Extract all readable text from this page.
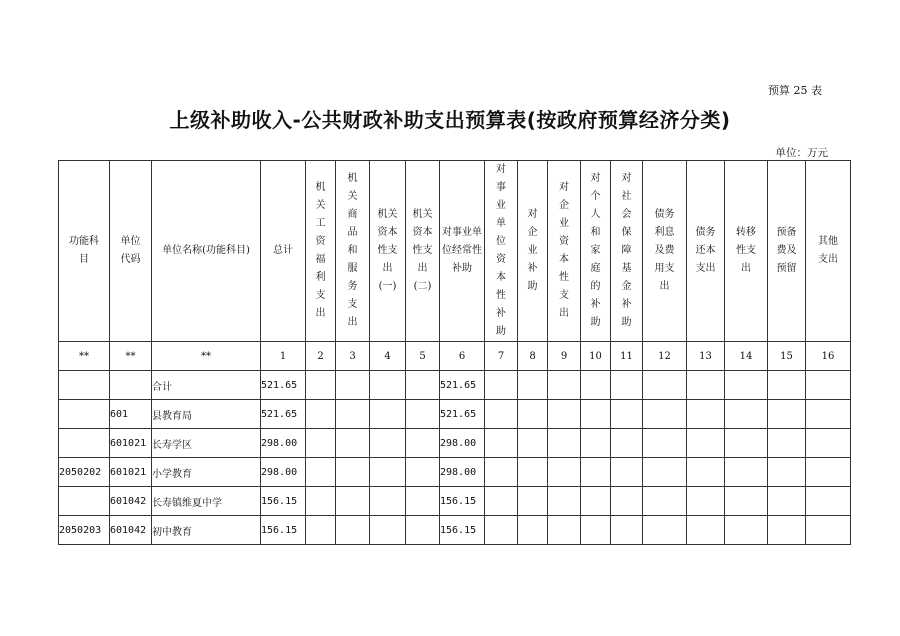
预算 25 表
上级补助收入-公共财政补助支出预算表(按政府预算经济分类)
单位：万元
功能科目	单位代码	单位名称(功能科目)	总计	机关工资福利支出	机关商品和服务支出	机关资本性支出(一)	机关资本性支出(二)	对事业单位经常性补助	对事业单位资本性补助	对企业补助	对企业资本性支出	对个人和家庭的补助	对社会保障基金补助	债务利息及费用支出	债务还本支出	转移性支出	预备费及预留	其他支出
**	**	**	1	2	3	4	5	6	7	8	9	10	11	12	13	14	15	16
		合计	521.65					521.65										
	601	县教育局	521.65					521.65										
	601021	长寿学区	298.00					298.00										
2050202	601021	小学教育	298.00					298.00										
	601042	长寿镇维夏中学	156.15					156.15										
2050203	601042	初中教育	156.15					156.15										
